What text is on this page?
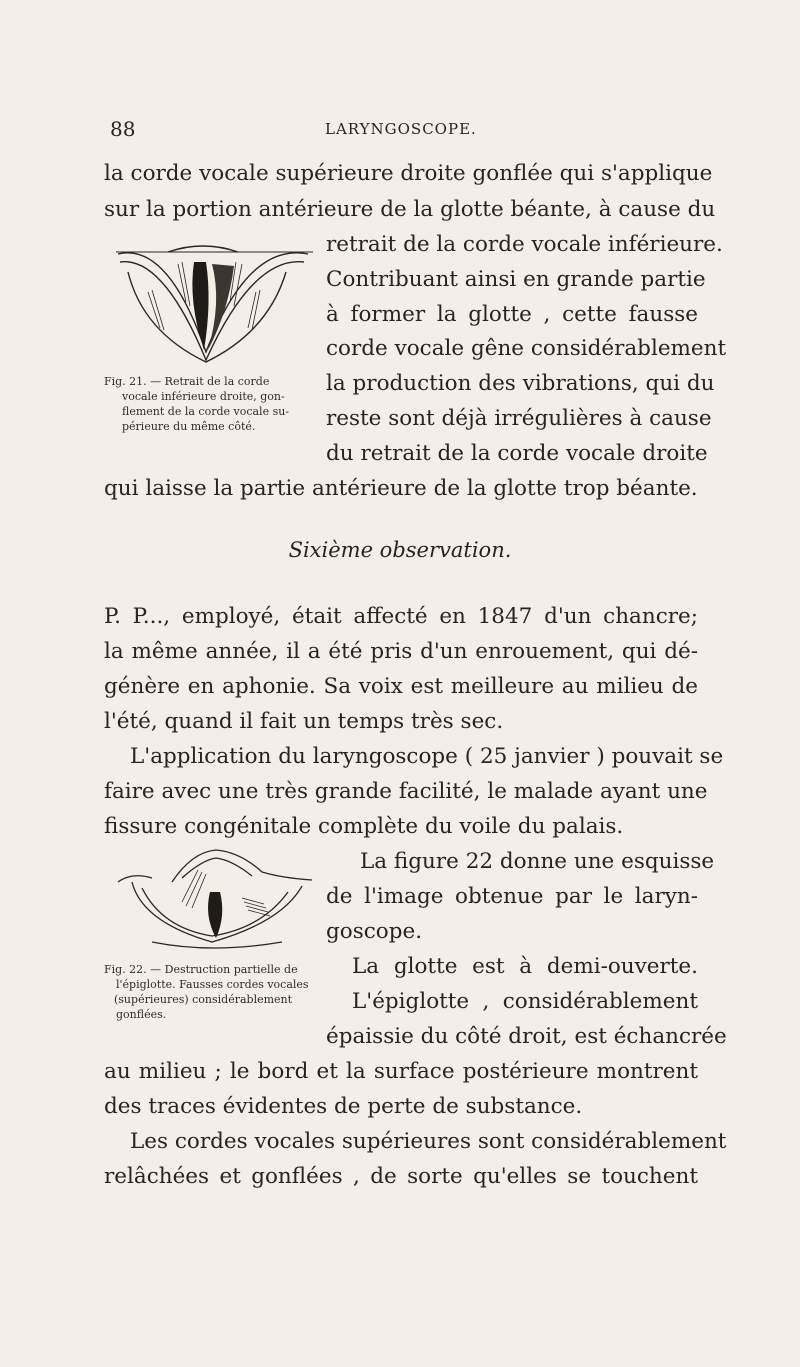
88	LARYNGOSCOPE.
la corde vocale supérieure droite gonflée qui s'applique
sur la portion antérieure de la glotte béante, à cause du
retrait de la corde vocale inférieure.
Contribuant ainsi en grande partie
à former la glotte , cette fausse
corde vocale gêne considérablement
la production des vibrations, qui du
reste sont déjà irrégulières à cause
du retrait de la corde vocale droite
qui laisse la partie antérieure de la glotte trop béante.
Fig. 21. — Retrait de la corde
vocale inférieure droite, gon-
flement de la corde vocale su-
périeure du même côté.
Sixième observation.
P. P..., employé, était affecté en 1847 d'un chancre;
la même année, il a été pris d'un enrouement, qui dé-
génère en aphonie. Sa voix est meilleure au milieu de
l'été, quand il fait un temps très sec.
L'application du laryngoscope ( 25 janvier ) pouvait se
faire avec une très grande facilité, le malade ayant une
fissure congénitale complète du voile du palais.
La figure 22 donne une esquisse
de l'image obtenue par le laryn-
goscope.
La glotte est à demi-ouverte.
L'épiglotte , considérablement
épaissie du côté droit, est échancrée
au milieu ; le bord et la surface postérieure montrent
des traces évidentes de perte de substance.
Les cordes vocales supérieures sont considérablement
relâchées et gonflées , de sorte qu'elles se touchent
Fig. 22. — Destruction partielle de
l'épiglotte. Fausses cordes vocales
(supérieures) considérablement
gonflées.
